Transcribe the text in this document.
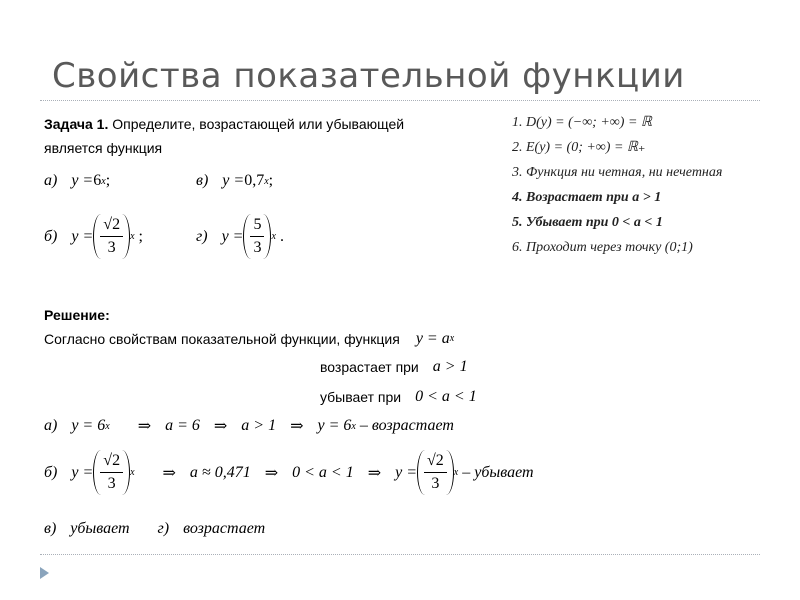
Свойства показательной функции
Задача 1. Определите, возрастающей или убывающей является функция
а) y = 6 x ;	в) y = 0,7 x ;
б) $y = \frac{√2}{3}$ x ;	г) $y = \frac{5}{3}$ x .
1. D(y) = (−∞; +∞) = ℝ
2. E(y) = (0; +∞) = ℝ₊
3. Функция ни четная, ни нечетная
4. Возрастает при a > 1
5. Убывает при 0 < a < 1
6. Проходит через точку (0;1)
Решение:
Согласно свойствам показательной функции, функция y = a x
возрастает при a > 1
убывает при 0 < a < 1
а) y = 6 x ⇒ a = 6 ⇒ a > 1 ⇒ y = 6 x
–
возрастает
б) $y = \frac{√2}{3}$ x ⇒ a ≈ 0,471 ⇒ 0 < a < 1 ⇒ $y = \frac{√2}{3}$ x
–
убывает
в) убывает г) возрастает
